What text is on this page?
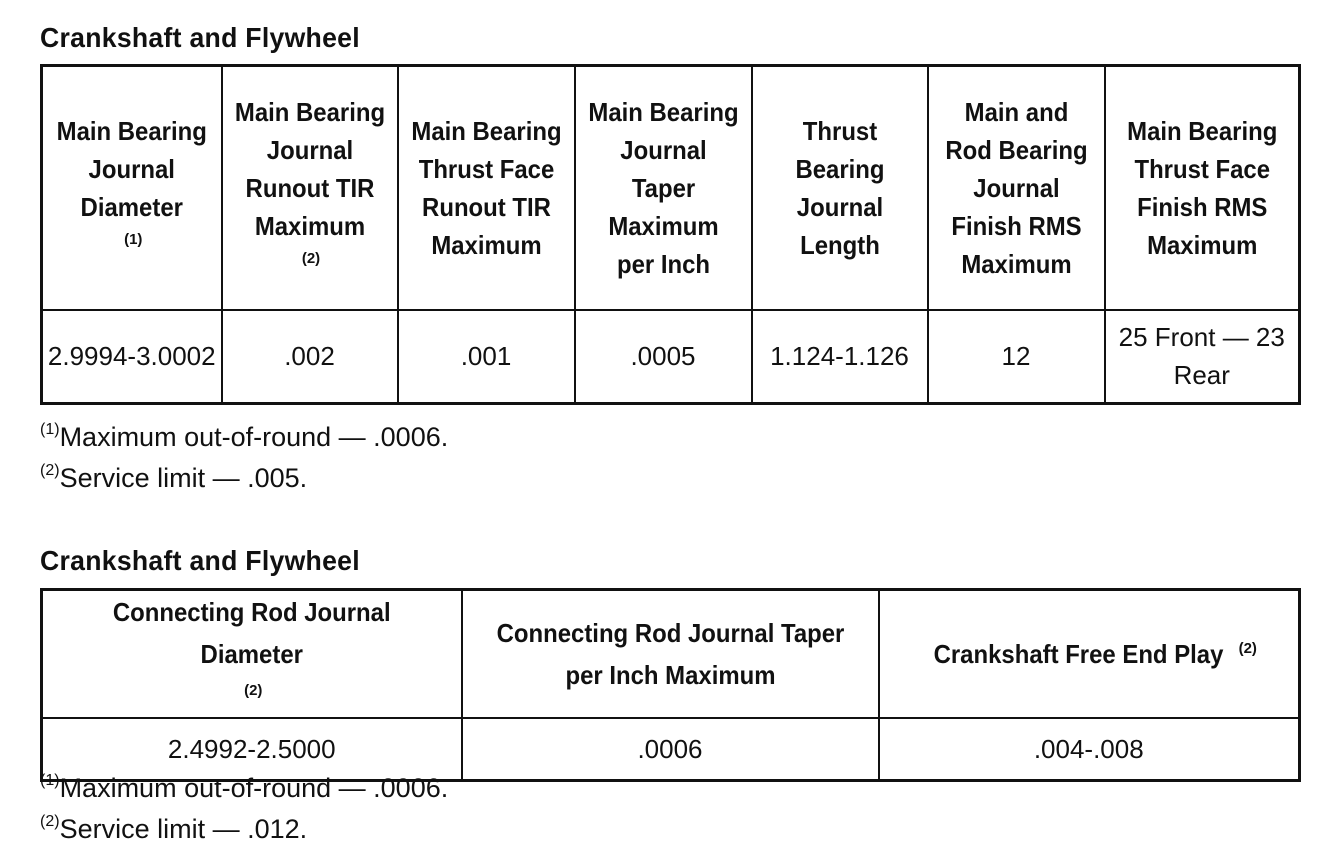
Crankshaft and Flywheel
Main Bearing Journal Diameter$^{(1)}$	Main Bearing Journal Runout TIR Maximum$^{(2)}$	Main Bearing Thrust Face Runout TIR Maximum	Main Bearing Journal Taper Maximum per Inch	Thrust Bearing Journal Length	Main and Rod Bearing Journal Finish RMS Maximum	Main Bearing Thrust Face Finish RMS Maximum
2.9994-3.0002	.002	.001	.0005	1.124-1.126	12	25 Front — 23 Rear
$^{(1)}$Maximum out-of-round — .0006.
$^{(2)}$Service limit — .005.
Crankshaft and Flywheel
Connecting Rod Journal Diameter$^{(2)}$	Connecting Rod Journal Taper per Inch Maximum	Crankshaft Free End Play $^{(2)}$
2.4992-2.5000	.0006	.004-.008
$^{(1)}$Maximum out-of-round — .0006.
$^{(2)}$Service limit — .012.
